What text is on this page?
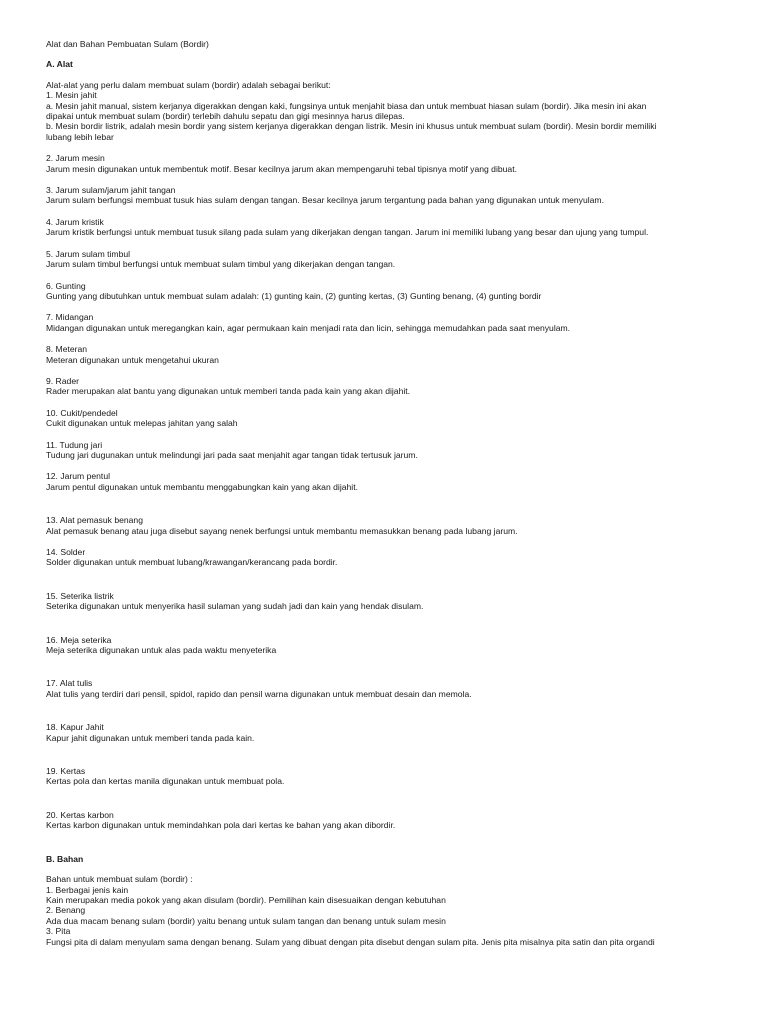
Alat dan Bahan Pembuatan Sulam (Bordir)
A. Alat
Alat-alat yang perlu dalam membuat sulam (bordir) adalah sebagai berikut:
1. Mesin jahit
a. Mesin jahit manual, sistem kerjanya digerakkan dengan kaki, fungsinya untuk menjahit biasa dan untuk membuat hiasan sulam (bordir). Jika mesin ini akan
dipakai untuk membuat sulam (bordir) terlebih dahulu sepatu dan gigi mesinnya harus dilepas.
b. Mesin bordir listrik, adalah mesin bordir yang sistem kerjanya digerakkan dengan listrik. Mesin ini khusus untuk membuat sulam (bordir). Mesin bordir memiliki
lubang lebih lebar
2. Jarum mesin
Jarum mesin digunakan untuk membentuk motif. Besar kecilnya jarum akan mempengaruhi tebal tipisnya motif yang dibuat.
3. Jarum sulam/jarum jahit tangan
Jarum sulam berfungsi membuat tusuk hias sulam dengan tangan. Besar kecilnya jarum tergantung pada bahan yang digunakan untuk menyulam.
4. Jarum kristik
Jarum kristik berfungsi untuk membuat tusuk silang pada sulam yang dikerjakan dengan tangan. Jarum ini memiliki lubang yang besar dan ujung yang tumpul.
5. Jarum sulam timbul
Jarum sulam timbul berfungsi untuk membuat sulam timbul yang dikerjakan dengan tangan.
6. Gunting
Gunting yang dibutuhkan untuk membuat sulam adalah: (1) gunting kain, (2) gunting kertas, (3) Gunting benang, (4) gunting bordir
7. Midangan
Midangan digunakan untuk meregangkan kain, agar permukaan kain menjadi rata dan licin, sehingga memudahkan pada saat menyulam.
8. Meteran
Meteran digunakan untuk mengetahui ukuran
9. Rader
Rader merupakan alat bantu yang digunakan untuk memberi tanda pada kain yang akan dijahit.
10. Cukit/pendedel
Cukit digunakan untuk melepas jahitan yang salah
11. Tudung jari
Tudung jari dugunakan untuk melindungi jari pada saat menjahit agar tangan tidak tertusuk jarum.
12. Jarum pentul
Jarum pentul digunakan untuk membantu menggabungkan kain yang akan dijahit.
13. Alat pemasuk benang
Alat pemasuk benang atau juga disebut sayang nenek berfungsi untuk membantu memasukkan benang pada lubang jarum.
14. Solder
Solder digunakan untuk membuat lubang/krawangan/kerancang pada bordir.
15. Seterika listrik
Seterika digunakan untuk menyerika hasil sulaman yang sudah jadi dan kain yang hendak disulam.
16. Meja seterika
Meja seterika digunakan untuk alas pada waktu menyeterika
17. Alat tulis
Alat tulis yang terdiri dari pensil, spidol, rapido dan pensil warna digunakan untuk membuat desain dan memola.
18. Kapur Jahit
Kapur jahit digunakan untuk memberi tanda pada kain.
19. Kertas
Kertas pola dan kertas manila digunakan untuk membuat pola.
20. Kertas karbon
Kertas karbon digunakan untuk memindahkan pola dari kertas ke bahan yang akan dibordir.
B. Bahan
Bahan untuk membuat sulam (bordir) :
1. Berbagai jenis kain
Kain merupakan media pokok yang akan disulam (bordir). Pemilihan kain disesuaikan dengan kebutuhan
2. Benang
Ada dua macam benang sulam (bordir) yaitu benang untuk sulam tangan dan benang untuk sulam mesin
3. Pita
Fungsi pita di dalam menyulam sama dengan benang. Sulam yang dibuat dengan pita disebut dengan sulam pita. Jenis pita misalnya pita satin dan pita organdi
